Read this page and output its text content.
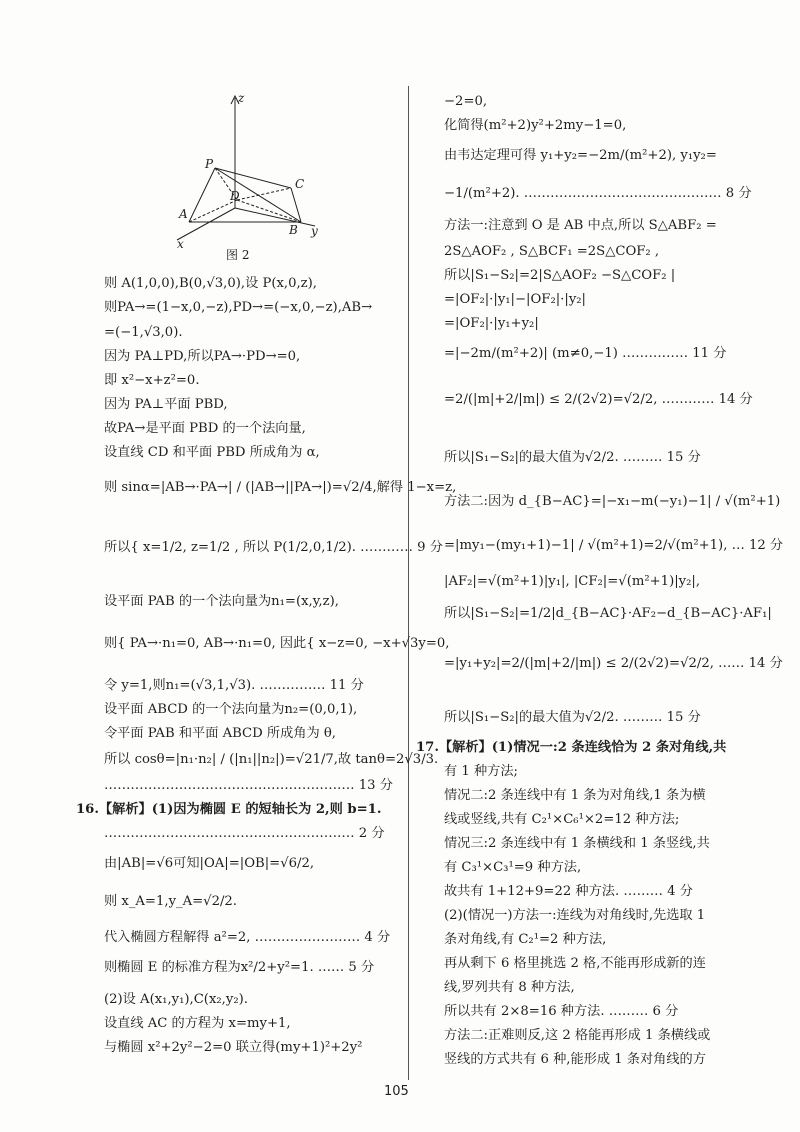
z
P
C
D
A
B
x
y
图 2
则 A(1,0,0),B(0,√3,0),设 P(x,0,z),
则PA→=(1−x,0,−z),PD→=(−x,0,−z),AB→
=(−1,√3,0).
因为 PA⊥PD,所以PA→·PD→=0,
即 x²−x+z²=0.
因为 PA⊥平面 PBD,
故PA→是平面 PBD 的一个法向量,
设直线 CD 和平面 PBD 所成角为 α,
则 sinα=|AB→·PA→| / (|AB→||PA→|)=√2/4,解得 1−x=z,
所以{ x=1/2, z=1/2 , 所以 P(1/2,0,1/2). ………… 9 分
设平面 PAB 的一个法向量为n₁=(x,y,z),
则{ PA→·n₁=0, AB→·n₁=0, 因此{ x−z=0, −x+√3y=0,
令 y=1,则n₁=(√3,1,√3). …………… 11 分
设平面 ABCD 的一个法向量为n₂=(0,0,1),
令平面 PAB 和平面 ABCD 所成角为 θ,
所以 cosθ=|n₁·n₂| / (|n₁||n₂|)=√21/7,故 tanθ=2√3/3.
………………………………………………… 13 分
16.【解析】(1)因为椭圆 E 的短轴长为 2,则 b=1.
………………………………………………… 2 分
由|AB|=√6可知|OA|=|OB|=√6/2,
则 x_A=1,y_A=√2/2.
代入椭圆方程解得 a²=2, …………………… 4 分
则椭圆 E 的标准方程为x²/2+y²=1. …… 5 分
(2)设 A(x₁,y₁),C(x₂,y₂).
设直线 AC 的方程为 x=my+1,
与椭圆 x²+2y²−2=0 联立得(my+1)²+2y²
−2=0,
化简得(m²+2)y²+2my−1=0,
由韦达定理可得 y₁+y₂=−2m/(m²+2), y₁y₂=
−1/(m²+2). ……………………………………… 8 分
方法一:注意到 O 是 AB 中点,所以 S△ABF₂ =
2S△AOF₂ , S△BCF₁ =2S△COF₂ ,
所以|S₁−S₂|=2|S△AOF₂ −S△COF₂ |
=|OF₂|·|y₁|−|OF₂|·|y₂|
=|OF₂|·|y₁+y₂|
=|−2m/(m²+2)| (m≠0,−1) …………… 11 分
=2/(|m|+2/|m|) ≤ 2/(2√2)=√2/2, ………… 14 分
所以|S₁−S₂|的最大值为√2/2. ……… 15 分
方法二:因为 d_{B−AC}=|−x₁−m(−y₁)−1| / √(m²+1)
=|my₁−(my₁+1)−1| / √(m²+1)=2/√(m²+1), … 12 分
|AF₂|=√(m²+1)|y₁|, |CF₂|=√(m²+1)|y₂|,
所以|S₁−S₂|=1/2|d_{B−AC}·AF₂−d_{B−AC}·AF₁|
=|y₁+y₂|=2/(|m|+2/|m|) ≤ 2/(2√2)=√2/2, …… 14 分
所以|S₁−S₂|的最大值为√2/2. ……… 15 分
17.【解析】(1)情况一:2 条连线恰为 2 条对角线,共
有 1 种方法;
情况二:2 条连线中有 1 条为对角线,1 条为横
线或竖线,共有 C₂¹×C₆¹×2=12 种方法;
情况三:2 条连线中有 1 条横线和 1 条竖线,共
有 C₃¹×C₃¹=9 种方法,
故共有 1+12+9=22 种方法. ……… 4 分
(2)(情况一)方法一:连线为对角线时,先选取 1
条对角线,有 C₂¹=2 种方法,
再从剩下 6 格里挑选 2 格,不能再形成新的连
线,罗列共有 8 种方法,
所以共有 2×8=16 种方法. ……… 6 分
方法二:正难则反,这 2 格能再形成 1 条横线或
竖线的方式共有 6 种,能形成 1 条对角线的方
105
